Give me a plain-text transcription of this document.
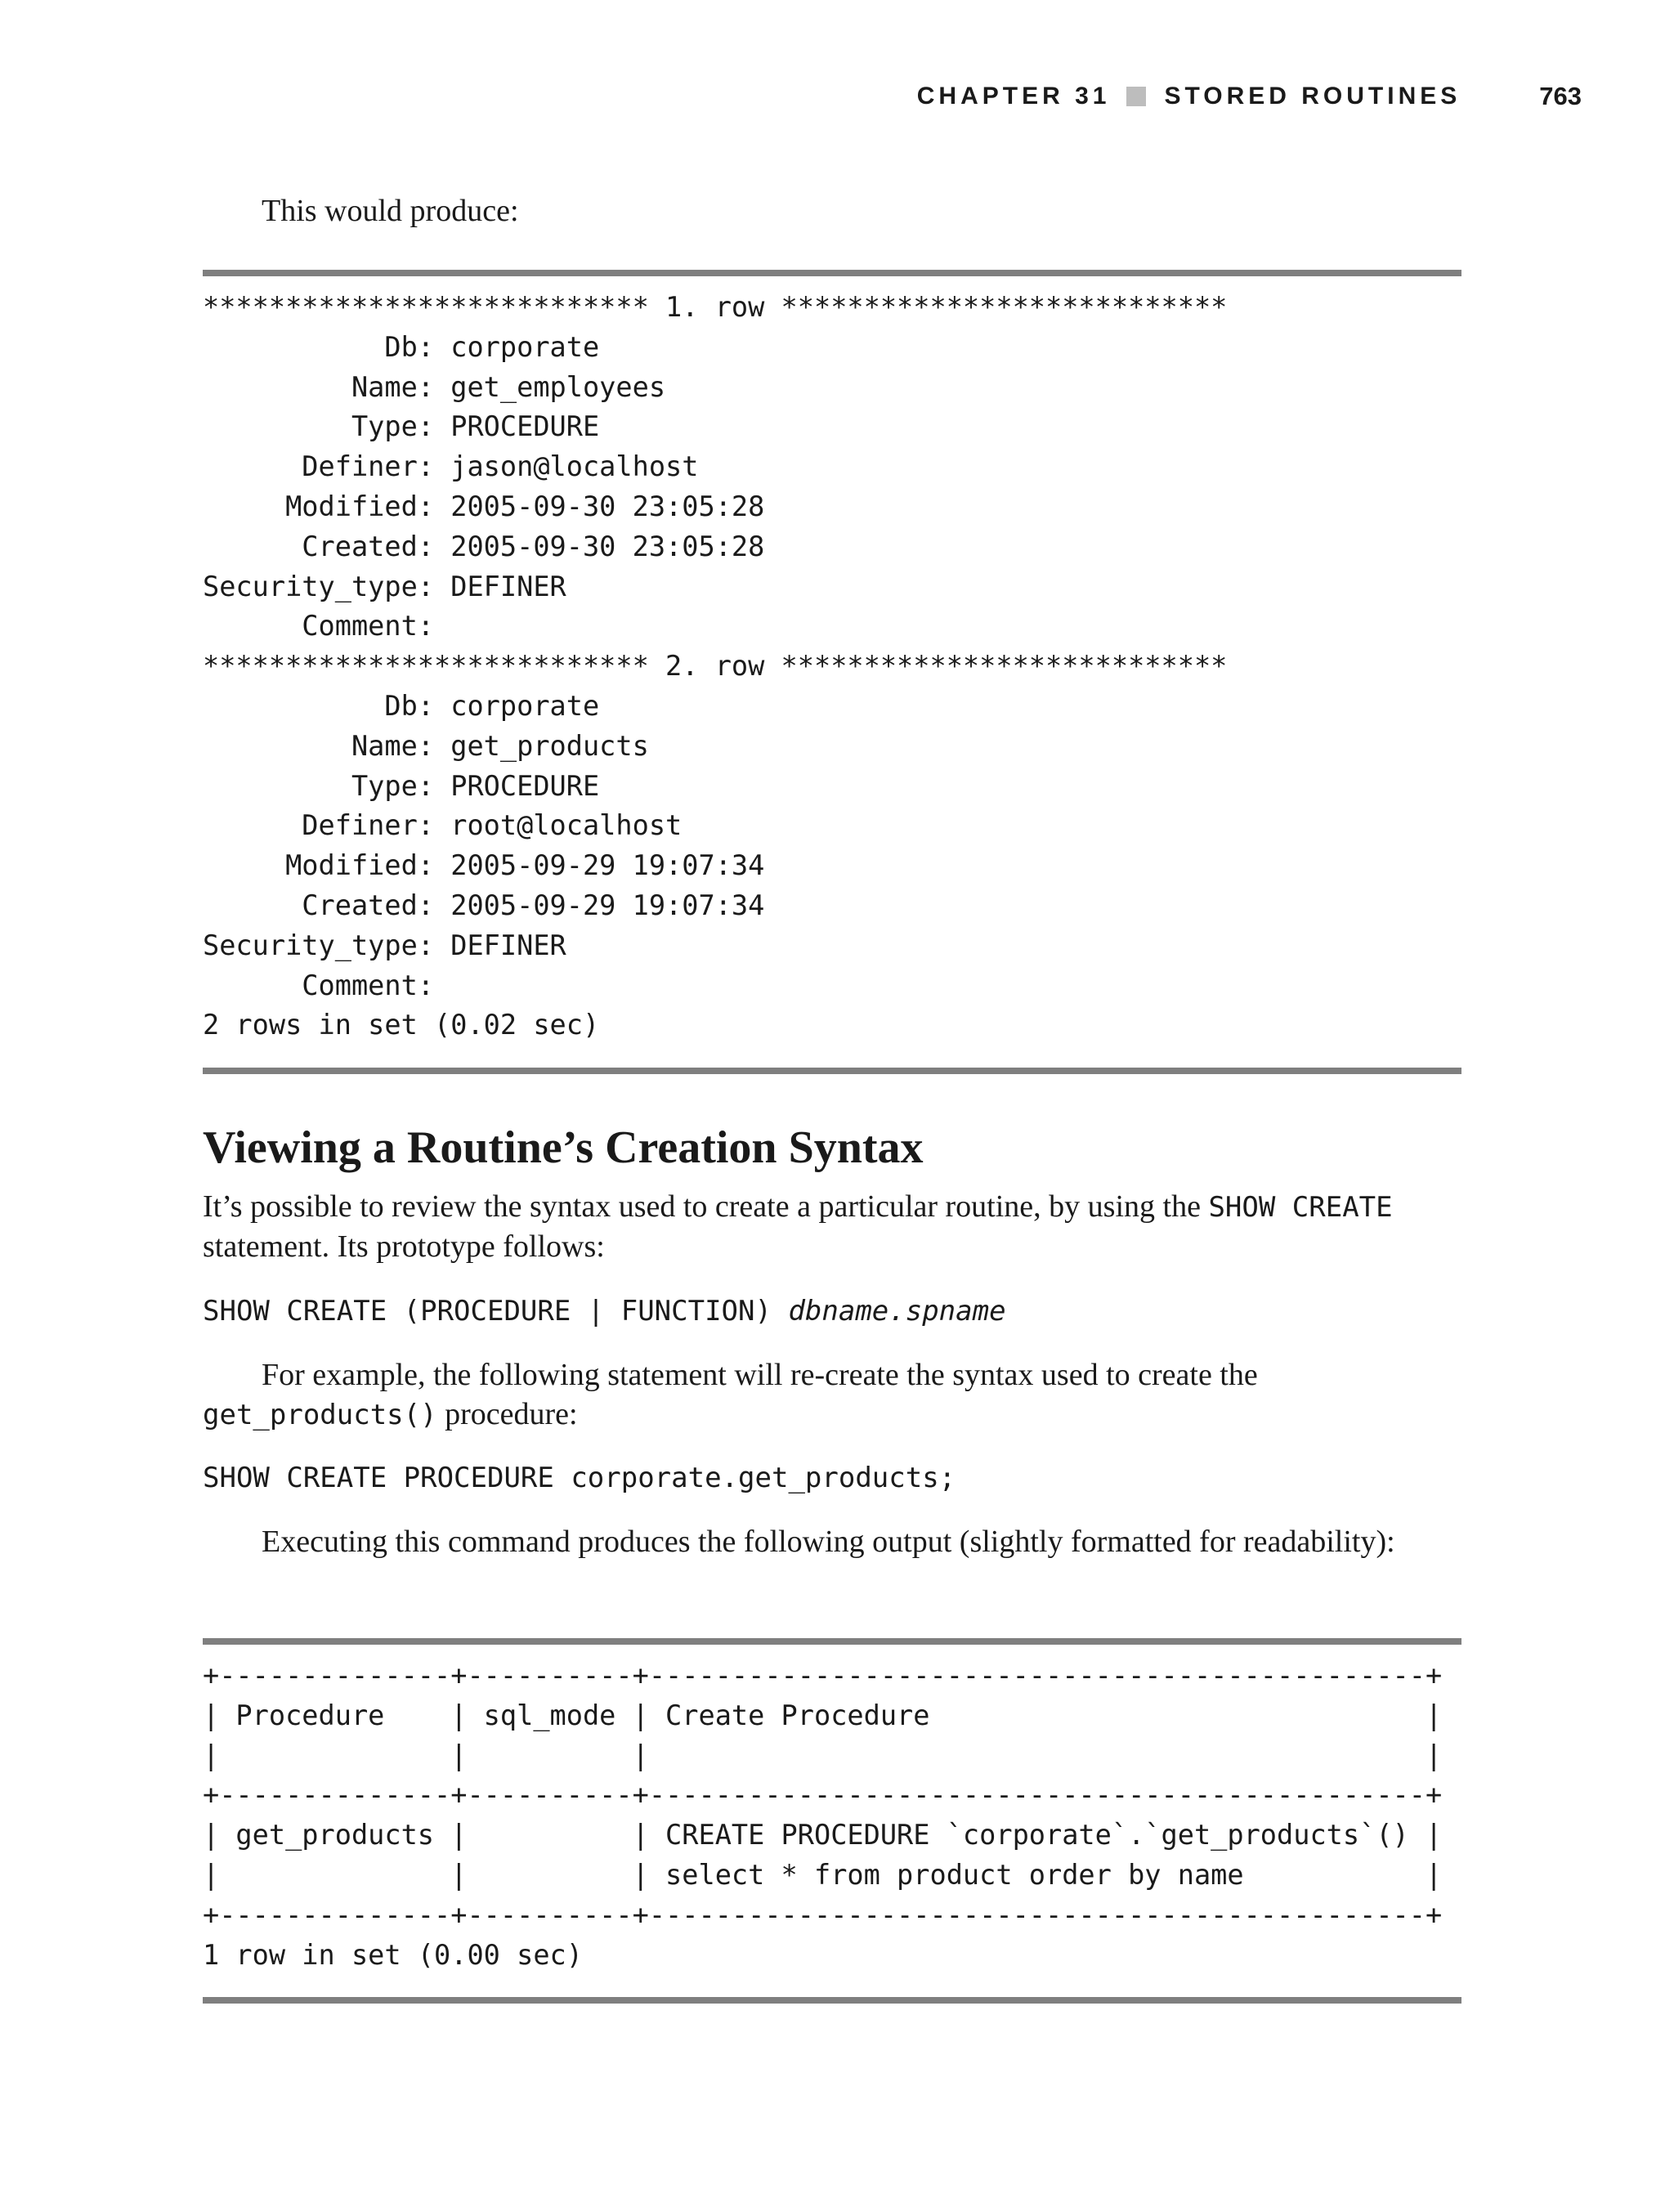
CHAPTER 31 STORED ROUTINES	763

This would produce:

*************************** 1. row ***************************
Db: corporate
Name: get_employees
Type: PROCEDURE
Definer: jason@localhost
Modified: 2005-09-30 23:05:28
Created: 2005-09-30 23:05:28
Security_type: DEFINER
Comment:
*************************** 2. row ***************************
Db: corporate
Name: get_products
Type: PROCEDURE
Definer: root@localhost
Modified: 2005-09-29 19:07:34
Created: 2005-09-29 19:07:34
Security_type: DEFINER
Comment:
2 rows in set (0.02 sec)
Viewing a Routine’s Creation Syntax

It’s possible to review the syntax used to create a particular routine, by using the SHOW CREATE statement. Its prototype follows:

SHOW CREATE (PROCEDURE | FUNCTION) dbname.spname

For example, the following statement will re-create the syntax used to create the get_products() procedure:

SHOW CREATE PROCEDURE corporate.get_products;

Executing this command produces the following output (slightly formatted for readability):

+--------------+----------+-----------------------------------------------+
| Procedure    | sql_mode | Create Procedure                              |
|              |          |                                               |
+--------------+----------+-----------------------------------------------+
| get_products |          | CREATE PROCEDURE `corporate`.`get_products`() |
|              |          | select * from product order by name           |
+--------------+----------+-----------------------------------------------+
1 row in set (0.00 sec)
